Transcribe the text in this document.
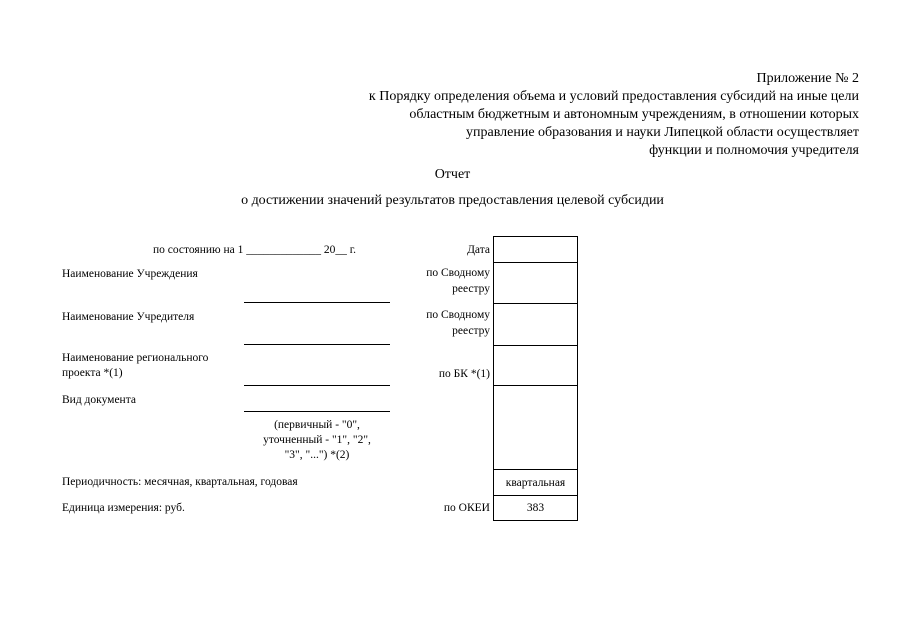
Приложение № 2
к Порядку определения объема и условий предоставления субсидий на иные цели
областным бюджетным и автономным учреждениям, в отношении которых
управление образования и науки Липецкой области осуществляет
функции и полномочия учредителя
Отчет
о достижении значений результатов предоставления целевой субсидии
по состоянию на 1 _____________ 20__ г.
Наименование Учреждения
Наименование Учредителя
Наименование регионального
проекта *(1)
Вид документа
(первичный - "0",
уточненный - "1", "2",
"3", "...") *(2)
Периодичность: месячная, квартальная, годовая
Единица измерения: руб.
Дата
по Сводному
реестру
по Сводному
реестру
по БК *(1)
по ОКЕИ
квартальная
383
